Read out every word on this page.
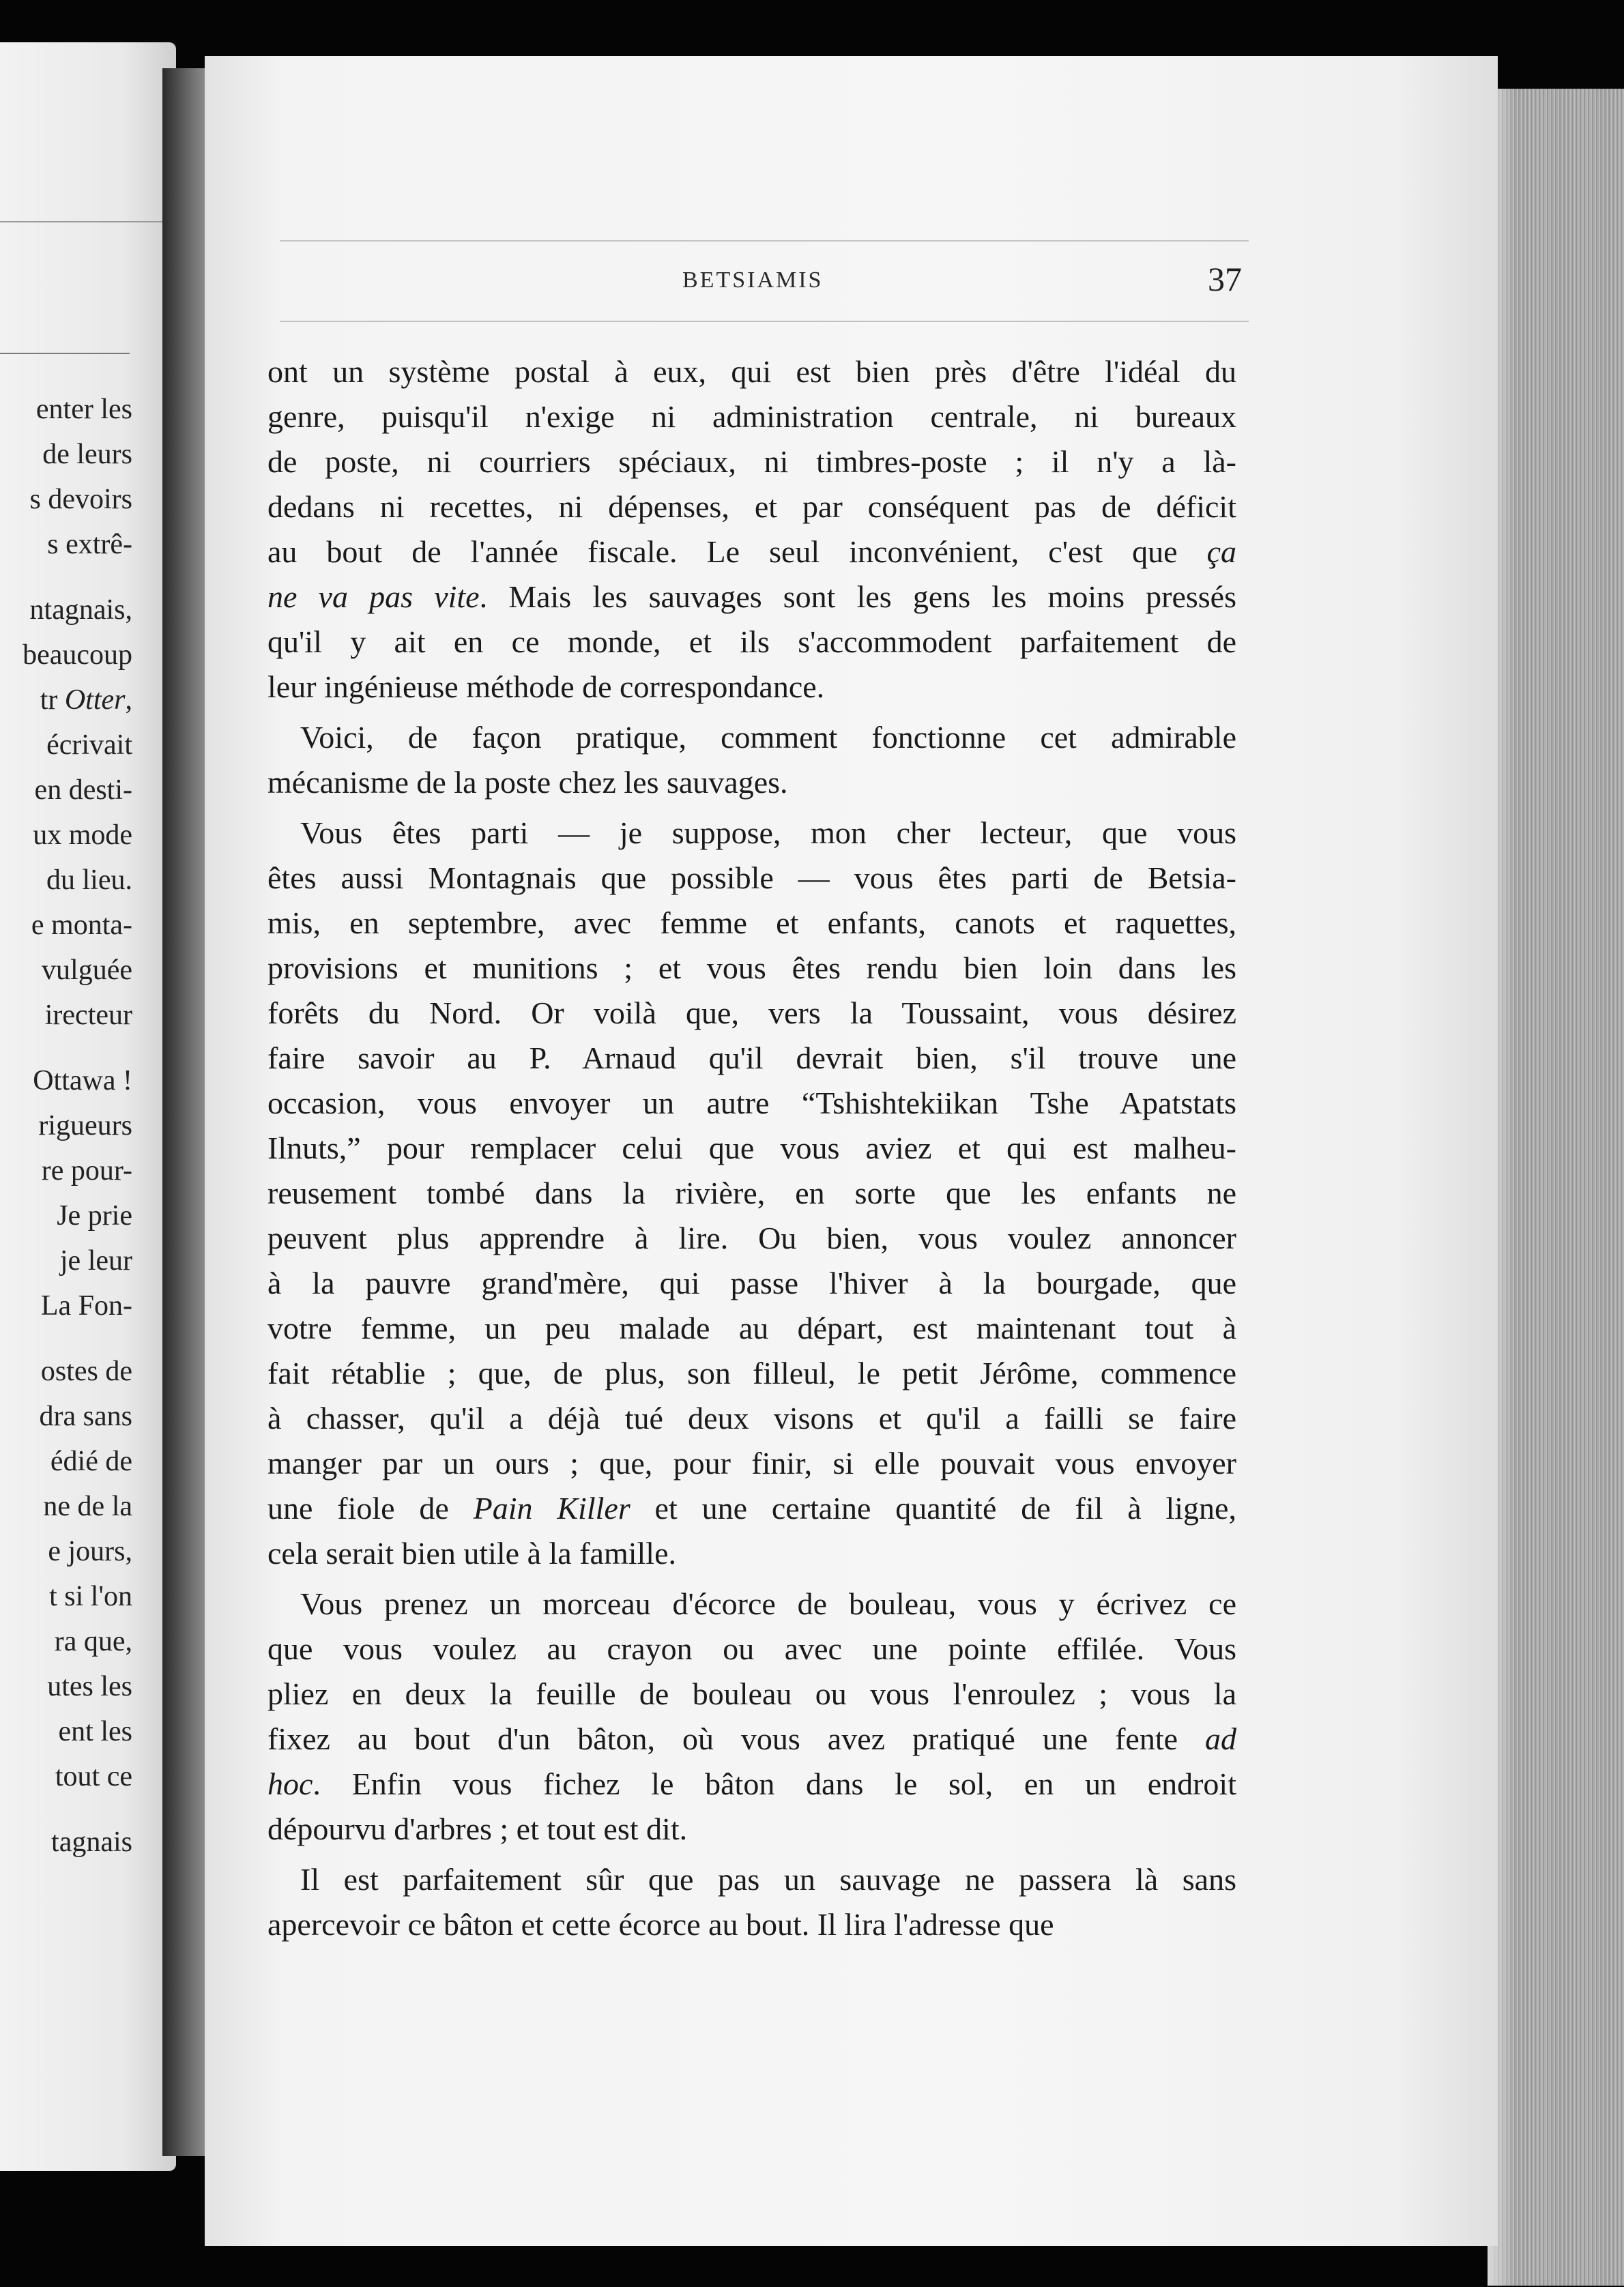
enter les
de leurs
s devoirs
s extrê-
ntagnais,
beaucoup
tr Otter,
écrivait
en desti-
ux mode
du lieu.
e monta-
vulguée
irecteur
Ottawa !
rigueurs
re pour-
Je prie
je leur
La Fon-
ostes de
dra sans
édié de
ne de la
e jours,
t si l'on
ra que,
utes les
ent les
tout ce
tagnais
BETSIAMIS	37

ont un système postal à eux, qui est bien près d'être l'idéal du
genre, puisqu'il n'exige ni administration centrale, ni bureaux
de poste, ni courriers spéciaux, ni timbres-poste ; il n'y a là-
dedans ni recettes, ni dépenses, et par conséquent pas de déficit
au bout de l'année fiscale. Le seul inconvénient, c'est que ça
ne va pas vite. Mais les sauvages sont les gens les moins pressés
qu'il y ait en ce monde, et ils s'accommodent parfaitement de
leur ingénieuse méthode de correspondance.

Voici, de façon pratique, comment fonctionne cet admirable
mécanisme de la poste chez les sauvages.

Vous êtes parti — je suppose, mon cher lecteur, que vous
êtes aussi Montagnais que possible — vous êtes parti de Betsia-
mis, en septembre, avec femme et enfants, canots et raquettes,
provisions et munitions ; et vous êtes rendu bien loin dans les
forêts du Nord. Or voilà que, vers la Toussaint, vous désirez
faire savoir au P. Arnaud qu'il devrait bien, s'il trouve une
occasion, vous envoyer un autre “Tshishtekiikan Tshe Apatstats
Ilnuts,” pour remplacer celui que vous aviez et qui est malheu-
reusement tombé dans la rivière, en sorte que les enfants ne
peuvent plus apprendre à lire. Ou bien, vous voulez annoncer
à la pauvre grand'mère, qui passe l'hiver à la bourgade, que
votre femme, un peu malade au départ, est maintenant tout à
fait rétablie ; que, de plus, son filleul, le petit Jérôme, commence
à chasser, qu'il a déjà tué deux visons et qu'il a failli se faire
manger par un ours ; que, pour finir, si elle pouvait vous envoyer
une fiole de Pain Killer et une certaine quantité de fil à ligne,
cela serait bien utile à la famille.

Vous prenez un morceau d'écorce de bouleau, vous y écrivez ce
que vous voulez au crayon ou avec une pointe effilée. Vous
pliez en deux la feuille de bouleau ou vous l'enroulez ; vous la
fixez au bout d'un bâton, où vous avez pratiqué une fente ad
hoc. Enfin vous fichez le bâton dans le sol, en un endroit
dépourvu d'arbres ; et tout est dit.

Il est parfaitement sûr que pas un sauvage ne passera là sans
apercevoir ce bâton et cette écorce au bout. Il lira l'adresse que
